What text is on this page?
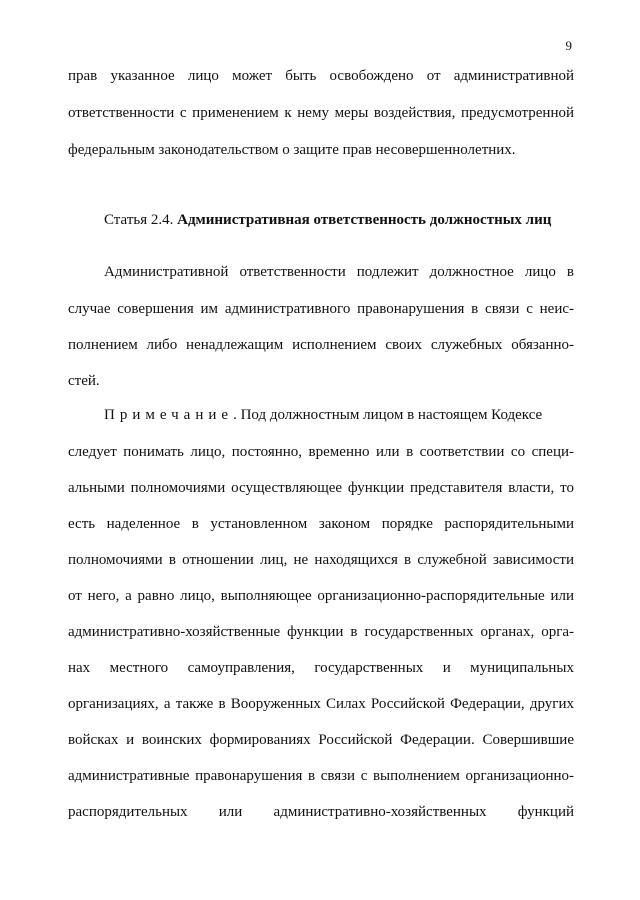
9
прав указанное лицо может быть освобождено от административной
ответственности с применением к нему меры воздействия, предусмотренной
федеральным законодательством о защите прав несовершеннолетних.
Статья 2.4. Административная ответственность должностных лиц
Административной ответственности подлежит должностное лицо в
случае совершения им административного правонарушения в связи с неис-
полнением либо ненадлежащим исполнением своих служебных обязанно-
стей.
Примечание. Под должностным лицом в настоящем Кодексе
следует понимать лицо, постоянно, временно или в соответствии со специ-
альными полномочиями осуществляющее функции представителя власти, то
есть наделенное в установленном законом порядке распорядительными
полномочиями в отношении лиц, не находящихся в служебной зависимости
от него, а равно лицо, выполняющее организационно-распорядительные или
административно-хозяйственные функции в государственных органах, орга-
нах местного самоуправления, государственных и муниципальных
организациях, а также в Вооруженных Силах Российской Федерации, других
войсках и воинских формированиях Российской Федерации. Совершившие
административные правонарушения в связи с выполнением организационно-
распорядительных или административно-хозяйственных функций
